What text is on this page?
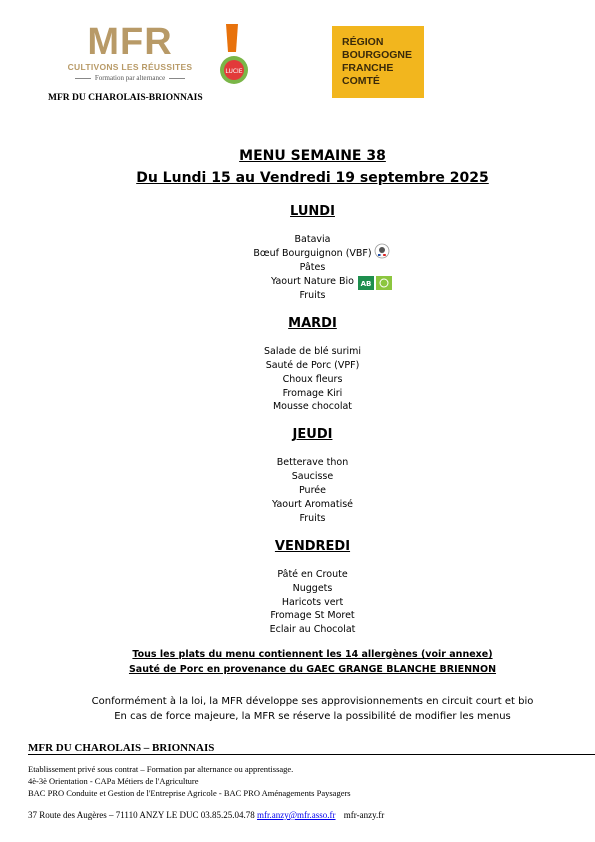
MFR
CULTIVONS LES RÉUSSITES
Formation par alternance
LUCIE
MFR DU CHAROLAIS-BRIONNAIS
RÉGION
BOURGOGNE
FRANCHE
COMTÉ
MENU SEMAINE 38
Du Lundi 15 au Vendredi 19 septembre 2025
LUNDI
Batavia
Bœuf Bourguignon (VBF)
Pâtes
Yaourt Nature Bio
Fruits
AB
MARDI
Salade de blé surimi
Sauté de Porc (VPF)
Choux fleurs
Fromage Kiri
Mousse chocolat
JEUDI
Betterave thon
Saucisse
Purée
Yaourt Aromatisé
Fruits
VENDREDI
Pâté en Croute
Nuggets
Haricots vert
Fromage St Moret
Eclair au Chocolat
Tous les plats du menu contiennent les 14 allergènes (voir annexe)
Sauté de Porc en provenance du GAEC GRANGE BLANCHE BRIENNON
Conformément à la loi, la MFR développe ses approvisionnements en circuit court et bio
En cas de force majeure, la MFR se réserve la possibilité de modifier les menus
MFR DU CHAROLAIS – BRIONNAIS
Etablissement privé sous contrat – Formation par alternance ou apprentissage.
4è-3è Orientation - CAPa Métiers de l'Agriculture
BAC PRO Conduite et Gestion de l'Entreprise Agricole - BAC PRO Aménagements Paysagers
37 Route des Augères – 71110 ANZY LE DUC 03.85.25.04.78 mfr.anzy@mfr.asso.fr mfr-anzy.fr
